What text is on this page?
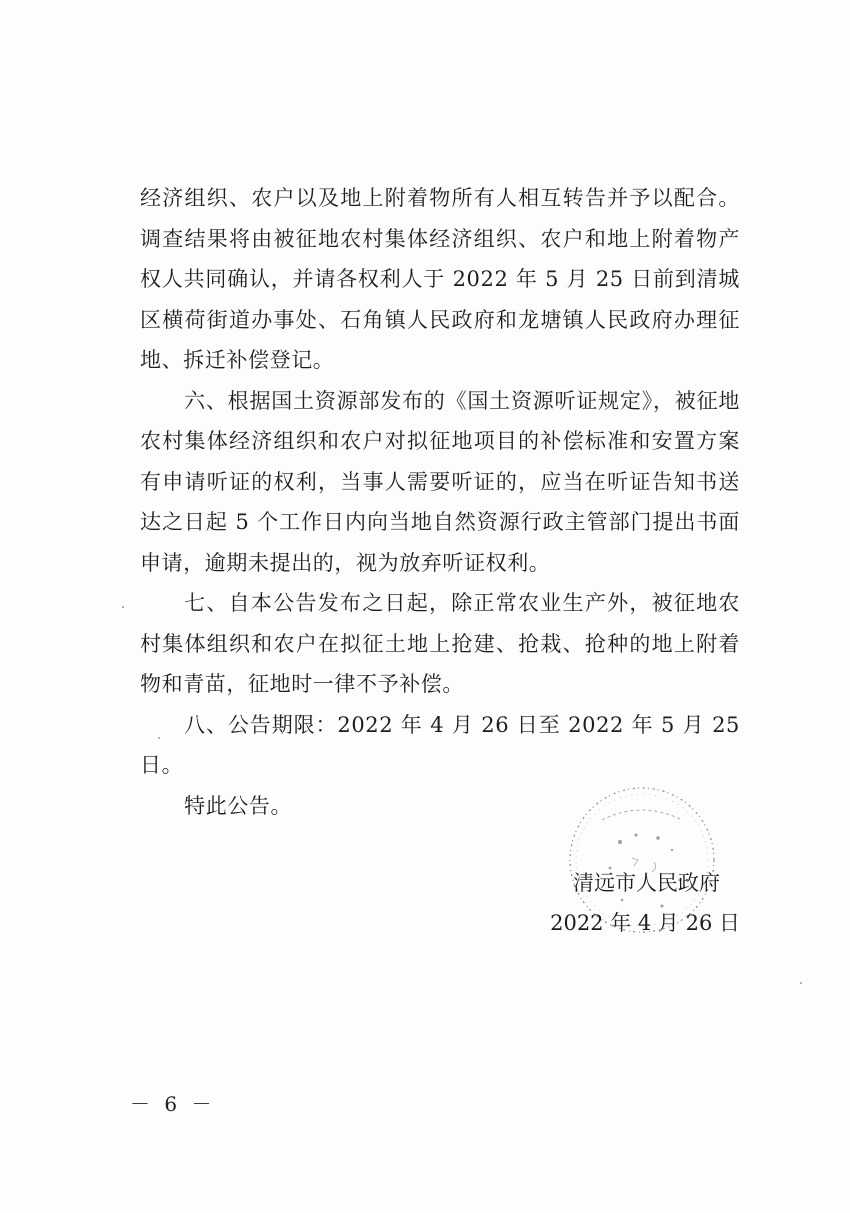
经济组织、农户以及地上附着物所有人相互转告并予以配合。调查结果将由被征地农村集体经济组织、农户和地上附着物产权人共同确认，并请各权利人于 2022 年 5 月 25 日前到清城区横荷街道办事处、石角镇人民政府和龙塘镇人民政府办理征地、拆迁补偿登记。

六、根据国土资源部发布的《国土资源听证规定》，被征地农村集体经济组织和农户对拟征地项目的补偿标准和安置方案有申请听证的权利，当事人需要听证的，应当在听证告知书送达之日起 5 个工作日内向当地自然资源行政主管部门提出书面申请，逾期未提出的，视为放弃听证权利。

七、自本公告发布之日起，除正常农业生产外，被征地农村集体组织和农户在拟征土地上抢建、抢栽、抢种的地上附着物和青苗，征地时一律不予补偿。

八、公告期限：2022 年 4 月 26 日至 2022 年 5 月 25 日。

特此公告。

清远市人民政府
2022 年 4 月 26 日
－ 6 －
